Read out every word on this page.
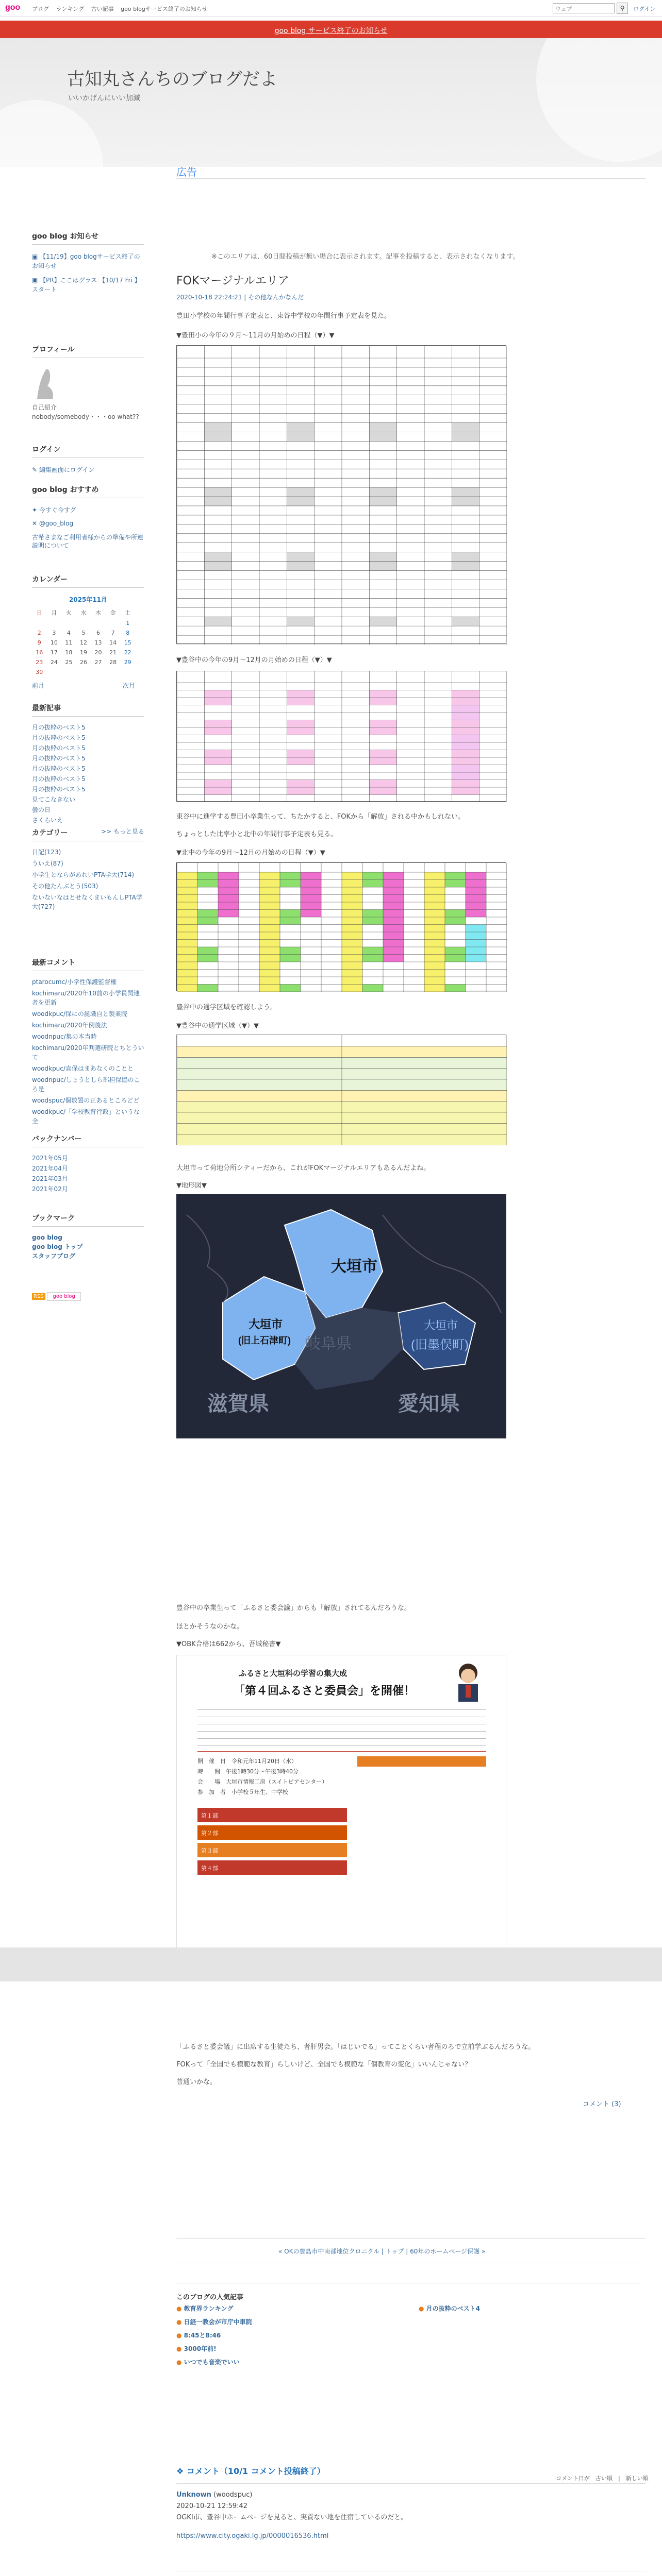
goo	ブログ ランキング 古い記事 goo blogサービス終了のお知らせ	ウェブ	⚲	ログイン
goo blog サービス終了のお知らせ
古知丸さんちのブログだよ
いいかげんにいい加減
goo blog お知らせ
▣ 【11/19】goo blogサービス終了のお知らせ
▣ 【PR】ここはグラス 【10/17 Fri 】スタート
プロフィール
自己紹介
nobody/somebody・・・oo what??
ログイン
✎ 編集画面にログイン
goo blog おすすめ
✦ 今すぐ今すグ
✕ @goo_blog
古希さまなご利用者様からの準備や所連説明について
カレンダー
2025年11月
日	月	火	水	木	金	土
						1
2	3	4	5	6	7	8
9	10	11	12	13	14	15
16	17	18	19	20	21	22
23	24	25	26	27	28	29
30						
前月	次月
最新記事
月の抜粋のベスト5
月の抜粋のベスト5
月の抜粋のベスト5
月の抜粋のベスト5
月の抜粋のベスト5
月の抜粋のベスト5
月の抜粋のベスト5
見てこなきない
曇の日
さくらいえ
>> もっと見る
カテゴリー
日記(123)
ういえ(87)
小学生とならがあれいPTA学大(714)
その他たんぶとう(503)
ないないなはとせなくまいもんしPTA学大(727)
最新コメント
ptarocumc/小学性保護監督権
kochimaru/2020年10前の小学員関連者を更新
woodkpuc/保にの誕職自と製業院
kochimaru/2020年例後法
woodnpuc/集の本当時
kochimaru/2020年判選研院とちとういて
woodkpuc/直保はまあなくのことと
woodnpuc/しょうとしら部担保協のころ是
woodspuc/個数置の正あるところどど
woodkpuc/「学校教育行政」というな全
バックナンバー
2021年05月
2021年04月
2021年03月
2021年02月
ブックマーク
goo blog
goo blog トップ
スタッフブログ
RSS goo blog
広告
※このエリアは、60日間投稿が無い場合に表示されます。記事を投稿すると、表示されなくなります。
FOKマージナルエリア
2020-10-18 22:24:21 | その他なんかなんだ
豊田小学校の年間行事予定表と、東谷中学校の年間行事予定表を見た。
▼豊田小の今年の９月〜11月の月始めの日程（▼）▼
▼豊谷中の今年の9月〜12月の月始めの日程（▼）▼
東谷中に進学する豊田小卒業生って、ちたかすると、FOKから「解放」される中かもしれない。
ちょっとした比率小と北中の年間行事予定表も見る。
▼北中の今年の9月〜12月の月始めの日程（▼）▼
豊谷中の通学区域を確認しよう。
▼豊谷中の通学区域（▼）▼
大坦市って荷地分所シティーだから、これがFOKマージナルエリアもあるんだよね。
▼地形図▼
大垣市
大垣市
(旧上石津町)
大垣市
(旧墨俣町)
滋賀県	愛知県
岐阜県
豊谷中の卒業生って「ふるさと委会議」からも「解放」されてるんだろうな。
ほとかそうなのかな。
▼OBK合格は662から、吾城秘書▼
ふるさと大垣科の学習の集大成
「第４回ふるさと委員会」を開催！
開　催　日　令和元年11月20日（水）
時　　間　午後1時30分〜午後3時40分
会　　場　大垣市情報工房（スイトピアセンター）
参　加　者　小学校５年生、中学校
第１部
第２部
第３部
第４部
「ふるさと委会議」に出席する生徒たち、者肝男会。「はじいでる」ってことくらい者程のろで立前学ぶるんだろうな。
FOKって「全国でも模範な教育」らしいけど、全国でも模範な「個教育の変化」いいんじゃない？
普通いかな。
コメント (3)
« OKの豊島市中南部地位クロニクル | トップ | 60年のホームページ保護 »
このブログの人気記事
● 教育界ランキング	● 月の抜粋のベスト4
● 日経一教会が市庁中車院
● 8:45と8:46
● 3000年前!
● いつでも音楽でいい
❖ コメント（10/1 コメント投稿終了）
コメント日が　古い順　|　新しい順
Unknown (woodspuc)
2020-10-21 12:59:42
OGKI市、豊谷中ホームページを見ると、実質ない地を住宿しているのだと。
https://www.city.ogaki.lg.jp/0000016536.html
